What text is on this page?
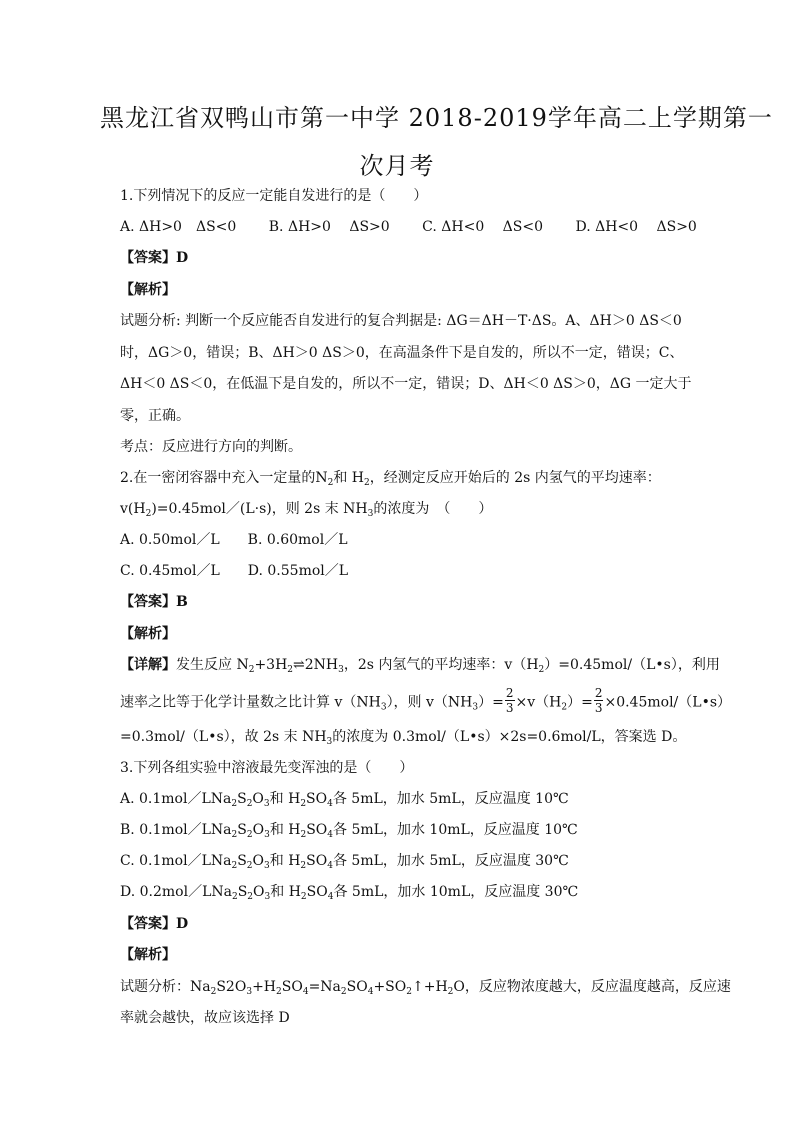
黑龙江省双鸭山市第一中学 2018-2019学年高二上学期第一
次月考
1.下列情况下的反应一定能自发进行的是（　　）
A. ΔH>0　ΔS<0 B. ΔH>0　 ΔS>0 C. ΔH<0　 ΔS<0 D. ΔH<0　 ΔS>0
【答案】D
【解析】
试题分析: 判断一个反应能否自发进行的复合判据是: ΔG＝ΔH－T·ΔS。A、ΔH＞0 ΔS＜0
时，ΔG＞0，错误；B、ΔH＞0 ΔS＞0，在高温条件下是自发的，所以不一定，错误；C、
ΔH＜0 ΔS＜0，在低温下是自发的，所以不一定，错误；D、ΔH＜0 ΔS＞0，ΔG 一定大于
零，正确。
考点：反应进行方向的判断。
2.在一密闭容器中充入一定量的$N_2$和 $H_2$，经测定反应开始后的 2s 内氢气的平均速率：
$v(H_2)=0.45mol/(L\cdot s)$，则 2s 末 $NH_3$的浓度为　（　　）
A. 0.50mol／L B. 0.60mol／L
C. 0.45mol／L D. 0.55mol／L
【答案】B
【解析】
【详解】发生反应 $N_2+3H_2\rightleftharpoons 2NH_3$，2s 内氢气的平均速率：$v(H_2)=0.45mol/(L•s)$，利用
速率之比等于化学计量数之比计算 $v(NH_3)$，则 $v(NH_3)= \frac{2}{3} \times v(H_2)= \frac{2}{3}$ ×0.45mol/（L•s）
=0.3mol/（L•s），故 2s 末 $NH_3$的浓度为 0.3mol/（L•s）×2s=0.6mol/L，答案选 D。
3.下列各组实验中溶液最先变浑浊的是（　　）
A. $0.1mol/LNa_2S_2O_3$和 $H_2SO_4$各 5mL，加水 5mL，反应温度 10℃
B. $0.1mol/LNa_2S_2O_3$和 $H_2SO_4$各 5mL，加水 10mL，反应温度 10℃
C. $0.1mol/LNa_2S_2O_3$和 $H_2SO_4$各 5mL，加水 5mL，反应温度 30℃
D. $0.2mol/LNa_2S_2O_3$和 $H_2SO_4$各 5mL，加水 10mL，反应温度 30℃
【答案】D
【解析】
试题分析：$Na_2S2O_3+H_2SO_4=Na_2SO_4+SO_2↑+H_2O$，反应物浓度越大，反应温度越高，反应速
率就会越快，故应该选择 D
